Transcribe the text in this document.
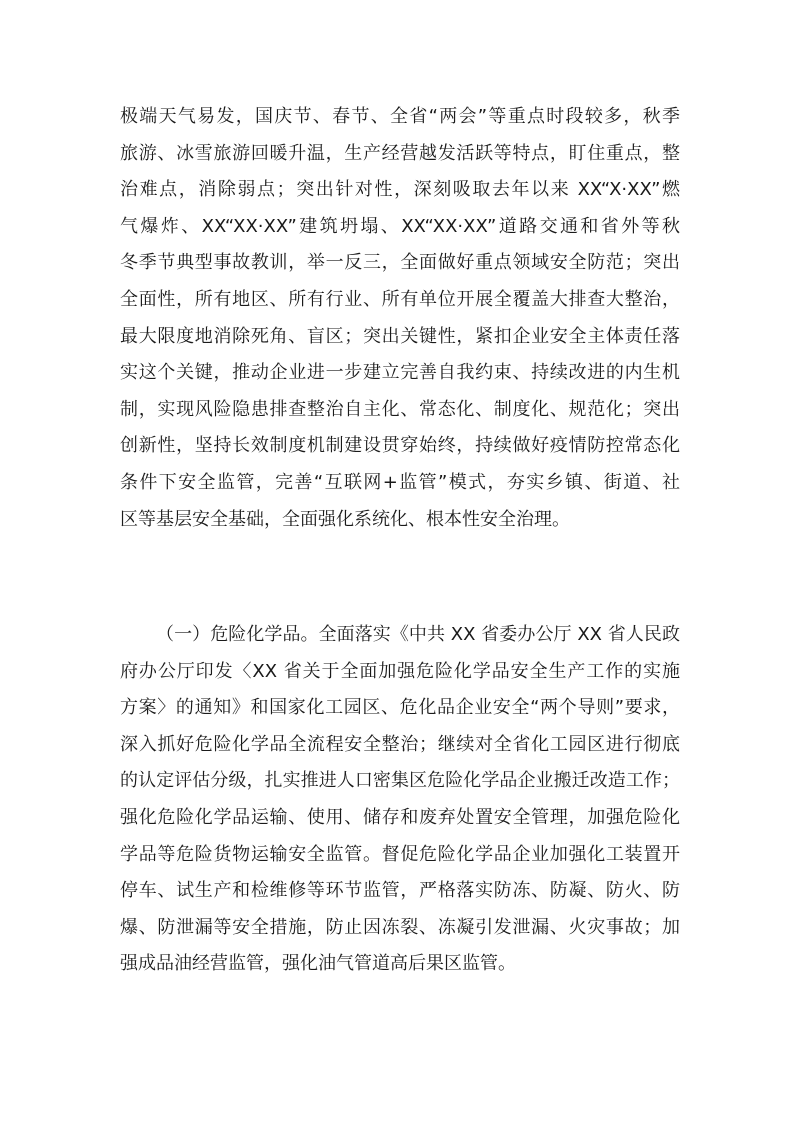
极端天气易发，国庆节、春节、全省“两会”等重点时段较多，秋季
旅游、冰雪旅游回暖升温，生产经营越发活跃等特点，盯住重点，整
治难点，消除弱点；突出针对性，深刻吸取去年以来 XX“X·XX”燃
气爆炸、XX“XX·XX”建筑坍塌、XX“XX·XX”道路交通和省外等秋
冬季节典型事故教训，举一反三，全面做好重点领域安全防范；突出
全面性，所有地区、所有行业、所有单位开展全覆盖大排查大整治，
最大限度地消除死角、盲区；突出关键性，紧扣企业安全主体责任落
实这个关键，推动企业进一步建立完善自我约束、持续改进的内生机
制，实现风险隐患排查整治自主化、常态化、制度化、规范化；突出
创新性，坚持长效制度机制建设贯穿始终，持续做好疫情防控常态化
条件下安全监管，完善“互联网+监管”模式，夯实乡镇、街道、社
区等基层安全基础，全面强化系统化、根本性安全治理。
（一）危险化学品。全面落实《中共 XX 省委办公厅 XX 省人民政
府办公厅印发〈XX 省关于全面加强危险化学品安全生产工作的实施
方案〉的通知》和国家化工园区、危化品企业安全“两个导则”要求，
深入抓好危险化学品全流程安全整治；继续对全省化工园区进行彻底
的认定评估分级，扎实推进人口密集区危险化学品企业搬迁改造工作；
强化危险化学品运输、使用、储存和废弃处置安全管理，加强危险化
学品等危险货物运输安全监管。督促危险化学品企业加强化工装置开
停车、试生产和检维修等环节监管，严格落实防冻、防凝、防火、防
爆、防泄漏等安全措施，防止因冻裂、冻凝引发泄漏、火灾事故；加
强成品油经营监管，强化油气管道高后果区监管。
